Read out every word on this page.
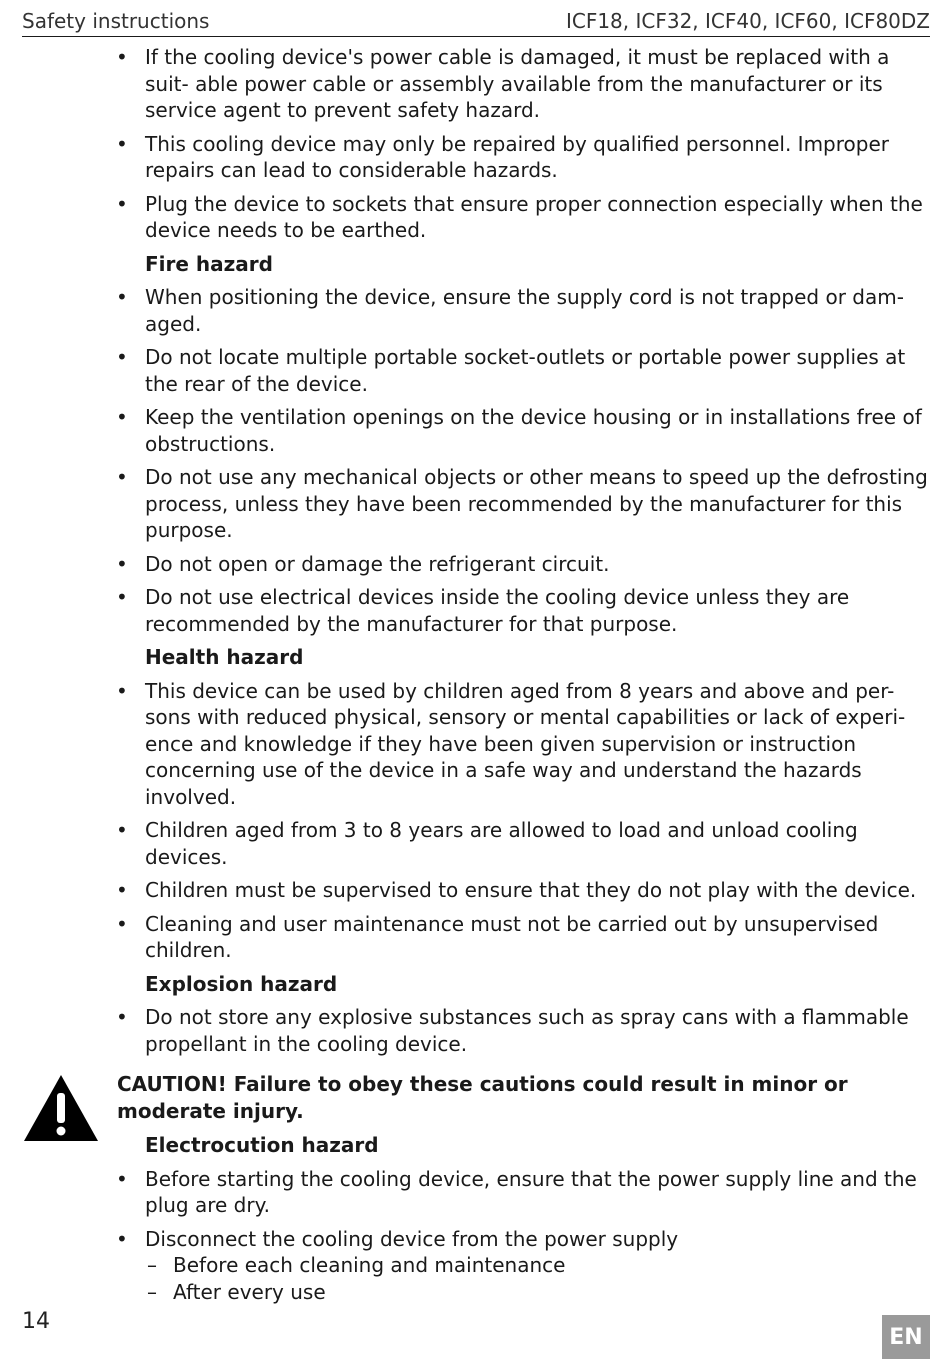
Safety instructions	ICF18, ICF32, ICF40, ICF60, ICF80DZ
• If the cooling device's power cable is damaged, it must be replaced with a suit- able power cable or assembly available from the manufacturer or its service agent to prevent safety hazard.
• This cooling device may only be repaired by qualified personnel. Improper repairs can lead to considerable hazards.
• Plug the device to sockets that ensure proper connection especially when the device needs to be earthed.
Fire hazard
• When positioning the device, ensure the supply cord is not trapped or dam- aged.
• Do not locate multiple portable socket-outlets or portable power supplies at the rear of the device.
• Keep the ventilation openings on the device housing or in installations free of obstructions.
• Do not use any mechanical objects or other means to speed up the defrosting process, unless they have been recommended by the manufacturer for this purpose.
• Do not open or damage the refrigerant circuit.
• Do not use electrical devices inside the cooling device unless they are recommended by the manufacturer for that purpose.
Health hazard
• This device can be used by children aged from 8 years and above and per- sons with reduced physical, sensory or mental capabilities or lack of experi- ence and knowledge if they have been given supervision or instruction concerning use of the device in a safe way and understand the hazards involved.
• Children aged from 3 to 8 years are allowed to load and unload cooling devices.
• Children must be supervised to ensure that they do not play with the device.
• Cleaning and user maintenance must not be carried out by unsupervised children.
Explosion hazard
• Do not store any explosive substances such as spray cans with a flammable propellant in the cooling device.
CAUTION! Failure to obey these cautions could result in minor or moderate injury.
Electrocution hazard
• Before starting the cooling device, ensure that the power supply line and the plug are dry.
• Disconnect the cooling device from the power supply
– Before each cleaning and maintenance
– After every use
14
EN
